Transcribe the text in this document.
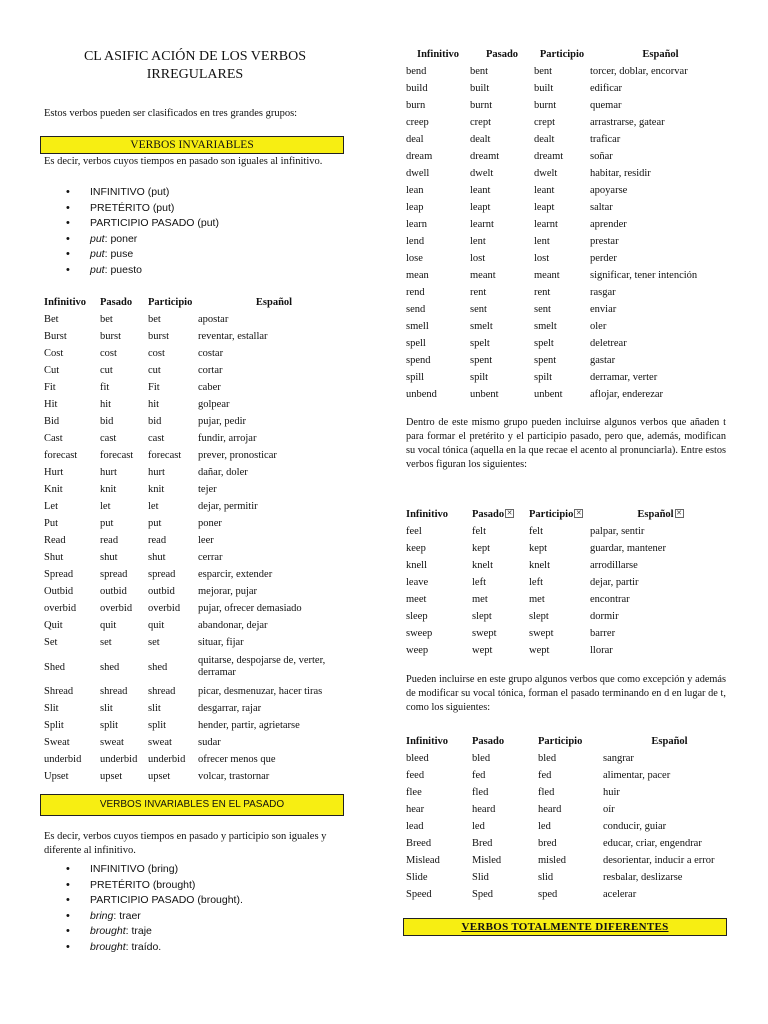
CL ASIFIC ACIÓN DE LOS VERBOS
IRREGULARES
Estos verbos pueden ser clasificados en tres grandes grupos:
VERBOS INVARIABLES
Es decir, verbos cuyos tiempos en pasado son iguales al infinitivo.
• INFINITIVO (put)
• PRETÉRITO (put)
• PARTICIPIO PASADO (put)
• put: poner
• put: puse
• put: puesto
Infinitivo	Pasado	Participio	Español
Bet	bet	bet	apostar
Burst	burst	burst	reventar, estallar
Cost	cost	cost	costar
Cut	cut	cut	cortar
Fit	fit	Fit	caber
Hit	hit	hit	golpear
Bid	bid	bid	pujar, pedir
Cast	cast	cast	fundir, arrojar
forecast	forecast	forecast	prever, pronosticar
Hurt	hurt	hurt	dañar, doler
Knit	knit	knit	tejer
Let	let	let	dejar, permitir
Put	put	put	poner
Read	read	read	leer
Shut	shut	shut	cerrar
Spread	spread	spread	esparcir, extender
Outbid	outbid	outbid	mejorar, pujar
overbid	overbid	overbid	pujar, ofrecer demasiado
Quit	quit	quit	abandonar, dejar
Set	set	set	situar, fijar
Shed	shed	shed	quitarse, despojarse de, verter, derramar
Shread	shread	shread	picar, desmenuzar, hacer tiras
Slit	slit	slit	desgarrar, rajar
Split	split	split	hender, partir, agrietarse
Sweat	sweat	sweat	sudar
underbid	underbid	underbid	ofrecer menos que
Upset	upset	upset	volcar, trastornar
VERBOS INVARIABLES EN EL PASADO
Es decir, verbos cuyos tiempos en pasado y participio son iguales y diferente al infinitivo.
• INFINITIVO (bring)
• PRETÉRITO (brought)
• PARTICIPIO PASADO (brought).
• bring: traer
• brought: traje
• brought: traído.
Infinitivo	Pasado	Participio	Español
bend	bent	bent	torcer, doblar, encorvar
build	built	built	edificar
burn	burnt	burnt	quemar
creep	crept	crept	arrastrarse, gatear
deal	dealt	dealt	traficar
dream	dreamt	dreamt	soñar
dwell	dwelt	dwelt	habitar, residir
lean	leant	leant	apoyarse
leap	leapt	leapt	saltar
learn	learnt	learnt	aprender
lend	lent	lent	prestar
lose	lost	lost	perder
mean	meant	meant	significar, tener intención
rend	rent	rent	rasgar
send	sent	sent	enviar
smell	smelt	smelt	oler
spell	spelt	spelt	deletrear
spend	spent	spent	gastar
spill	spilt	spilt	derramar, verter
unbend	unbent	unbent	aflojar, enderezar
Dentro de este mismo grupo pueden incluirse algunos verbos que añaden t para formar el pretérito y el participio pasado, pero que, además, modifican su vocal tónica (aquella en la que recae el acento al pronunciarla). Entre estos verbos figuran los siguientes:
Infinitivo	Pasado ✕	Participio ✕	Español ✕
feel	felt	felt	palpar, sentir
keep	kept	kept	guardar, mantener
knell	knelt	knelt	arrodillarse
leave	left	left	dejar, partir
meet	met	met	encontrar
sleep	slept	slept	dormir
sweep	swept	swept	barrer
weep	wept	wept	llorar
Pueden incluirse en este grupo algunos verbos que como excepción y además de modificar su vocal tónica, forman el pasado terminando en d en lugar de t, como los siguientes:
Infinitivo	Pasado	Participio	Español
bleed	bled	bled	sangrar
feed	fed	fed	alimentar, pacer
flee	fled	fled	huir
hear	heard	heard	oír
lead	led	led	conducir, guiar
Breed	Bred	bred	educar, criar, engendrar
Mislead	Misled	misled	desorientar, inducir a error
Slide	Slid	slid	resbalar, deslizarse
Speed	Sped	sped	acelerar
VERBOS TOTALMENTE DIFERENTES
